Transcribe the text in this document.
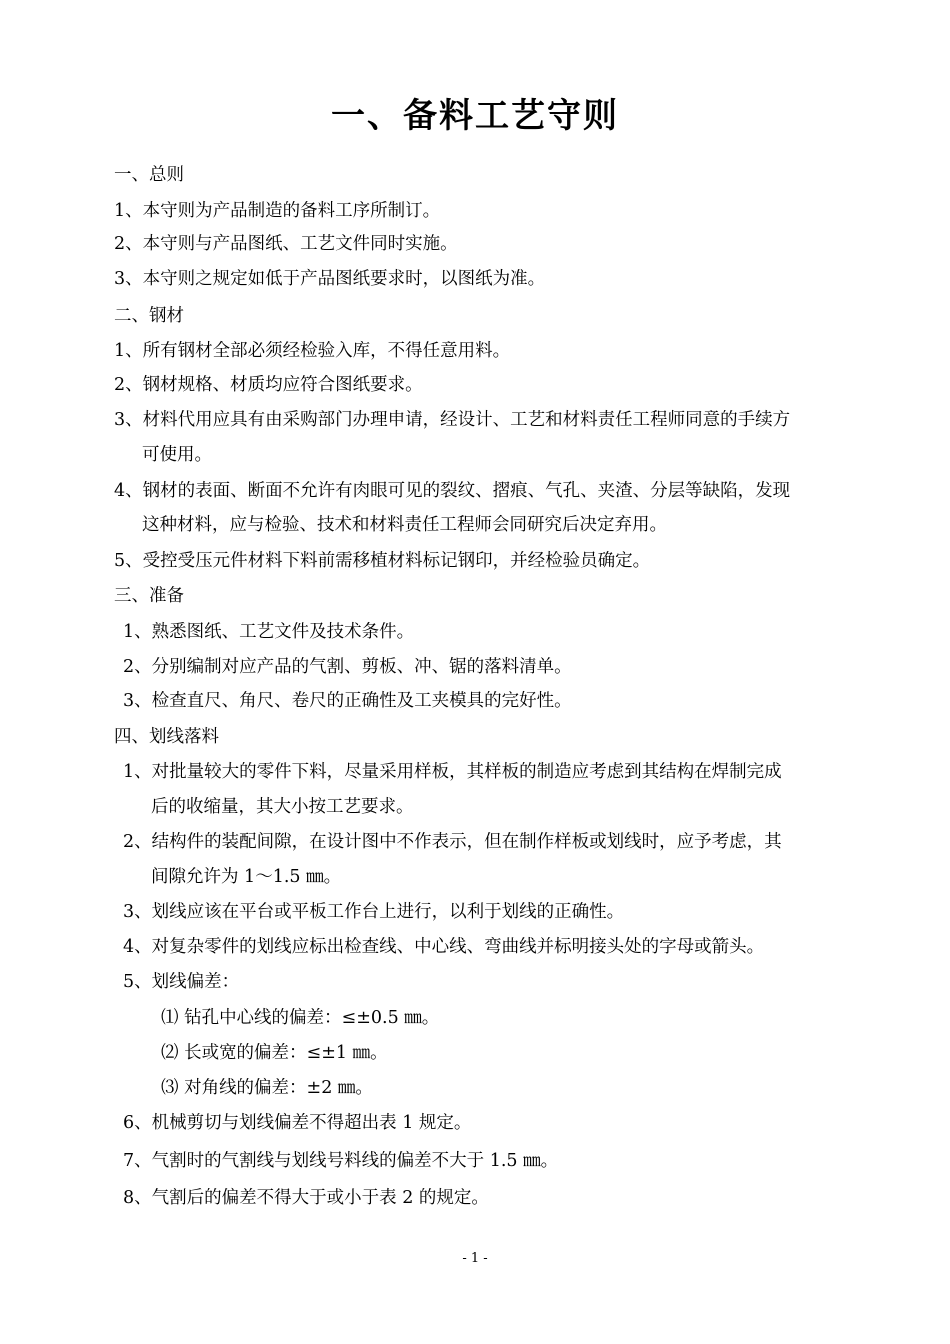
一、备料工艺守则
一、总则
1、本守则为产品制造的备料工序所制订。
2、本守则与产品图纸、工艺文件同时实施。
3、本守则之规定如低于产品图纸要求时，以图纸为准。
二、钢材
1、所有钢材全部必须经检验入库，不得任意用料。
2、钢材规格、材质均应符合图纸要求。
3、材料代用应具有由采购部门办理申请，经设计、工艺和材料责任工程师同意的手续方
可使用。
4、钢材的表面、断面不允许有肉眼可见的裂纹、摺痕、气孔、夹渣、分层等缺陷，发现
这种材料，应与检验、技术和材料责任工程师会同研究后决定弃用。
5、受控受压元件材料下料前需移植材料标记钢印，并经检验员确定。
三、准备
1、熟悉图纸、工艺文件及技术条件。
2、分别编制对应产品的气割、剪板、冲、锯的落料清单。
3、检查直尺、角尺、卷尺的正确性及工夹模具的完好性。
四、划线落料
1、对批量较大的零件下料，尽量采用样板，其样板的制造应考虑到其结构在焊制完成
后的收缩量，其大小按工艺要求。
2、结构件的装配间隙，在设计图中不作表示，但在制作样板或划线时，应予考虑，其
间隙允许为 1～1.5 ㎜。
3、划线应该在平台或平板工作台上进行，以利于划线的正确性。
4、对复杂零件的划线应标出检查线、中心线、弯曲线并标明接头处的字母或箭头。
5、划线偏差：
⑴ 钻孔中心线的偏差：≤±0.5 ㎜。
⑵ 长或宽的偏差：≤±1 ㎜。
⑶ 对角线的偏差：±2 ㎜。
6、机械剪切与划线偏差不得超出表 1 规定。
7、气割时的气割线与划线号料线的偏差不大于 1.5 ㎜。
8、气割后的偏差不得大于或小于表 2 的规定。
- 1 -
